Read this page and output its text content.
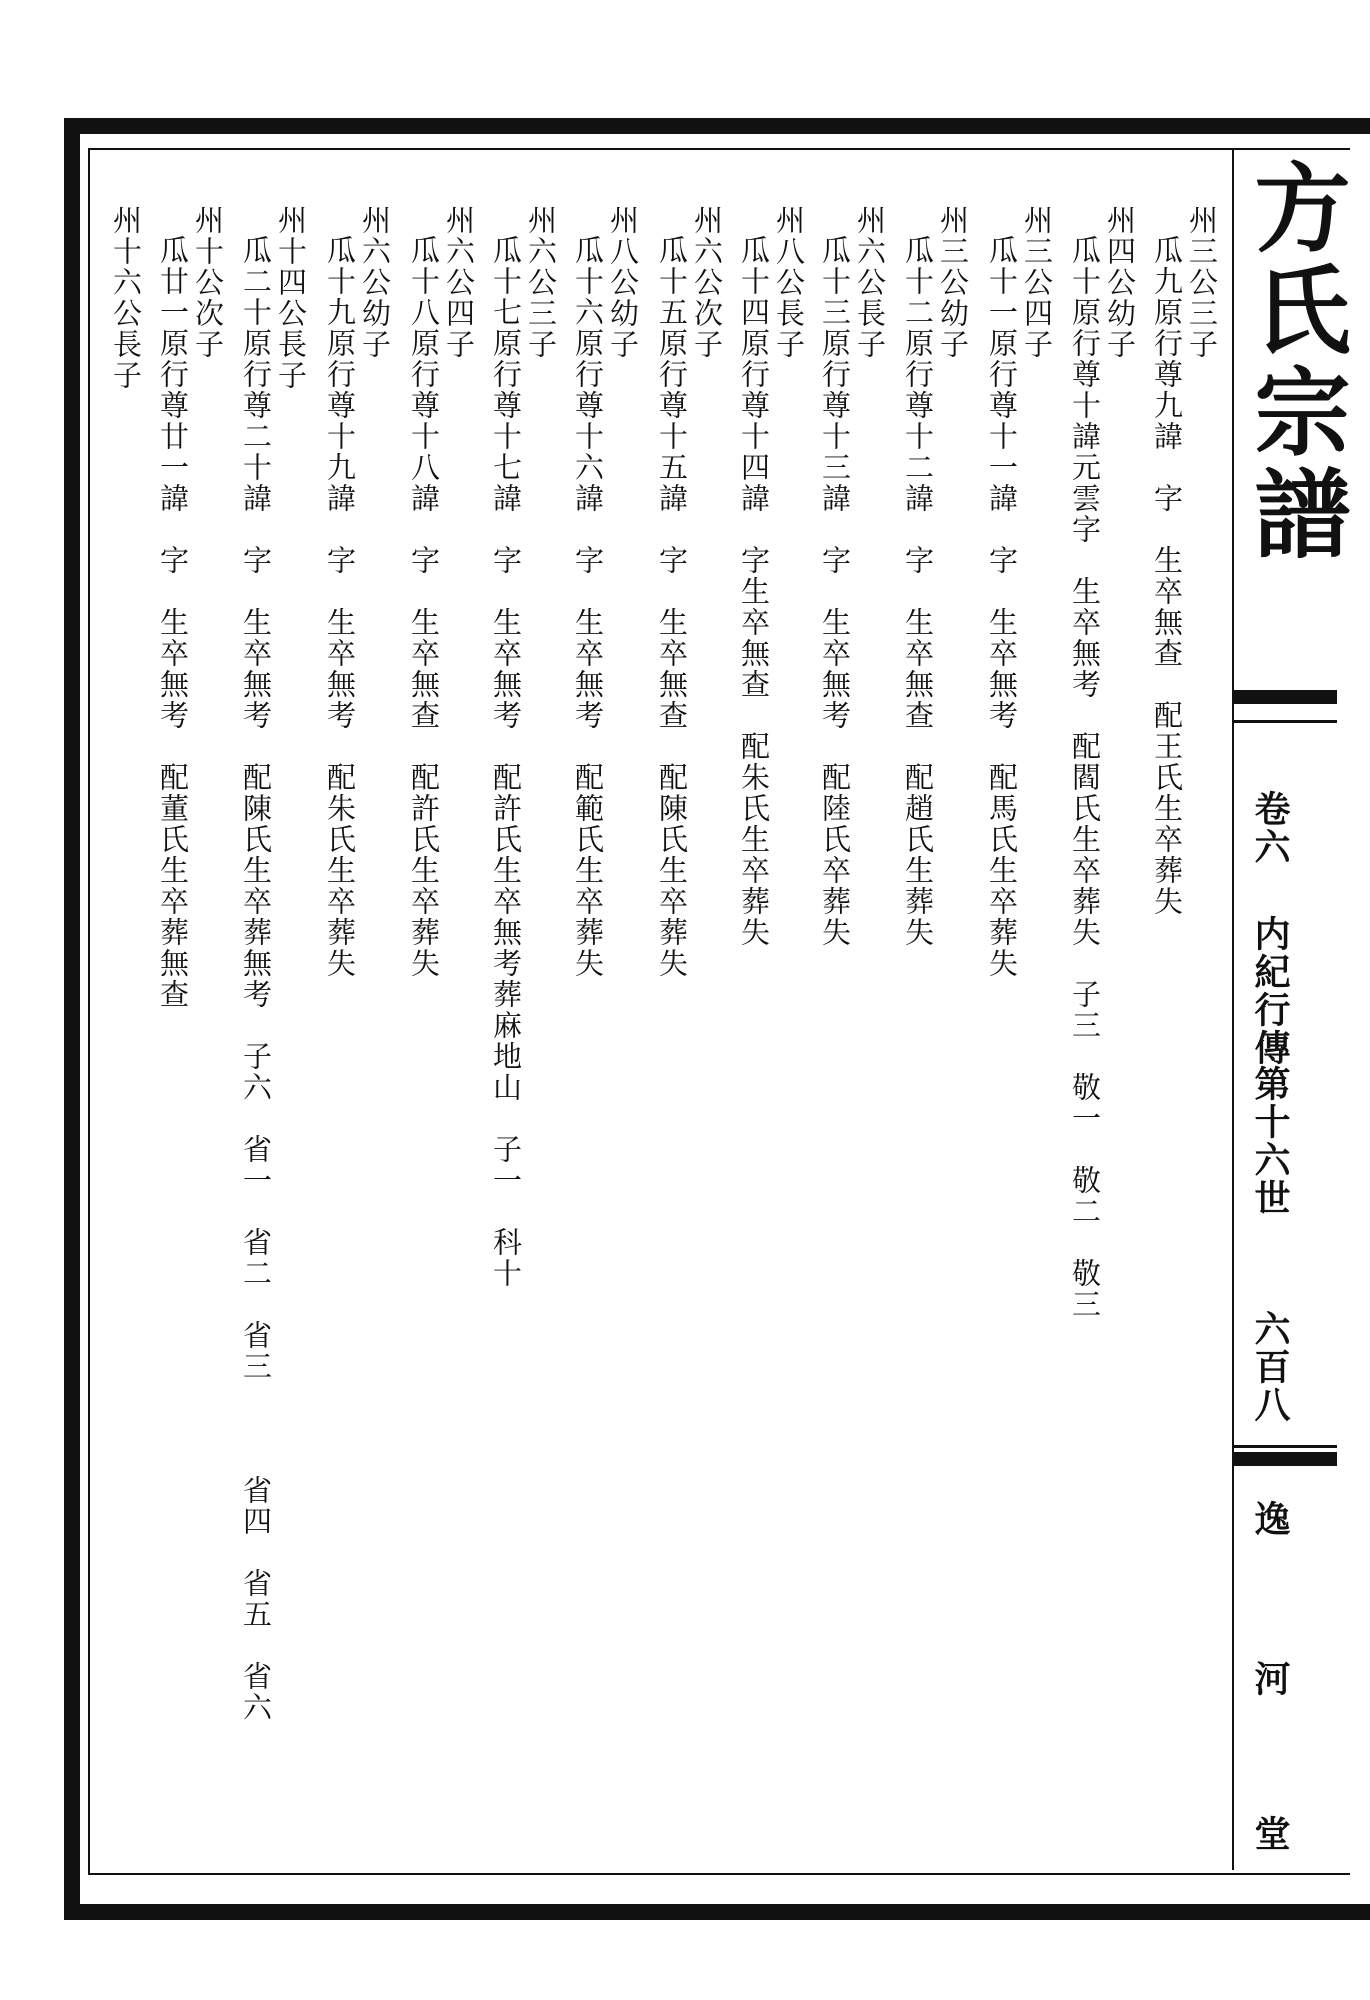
方氏宗譜
卷六
内紀行傳
第十六世
六百八
逸
河
堂
州三公三子
瓜九原行尊九諱　字　生卒無查　配王氏生卒葬失
州四公幼子
瓜十原行尊十諱元雲字　生卒無考　配閻氏生卒葬失　子三　敬一　敬二　敬三
州三公四子
瓜十一原行尊十一諱　字　生卒無考　配馬氏生卒葬失
州三公幼子
瓜十二原行尊十二諱　字　生卒無查　配趙氏生葬失
州六公長子
瓜十三原行尊十三諱　字　生卒無考　配陸氏卒葬失
州八公長子
瓜十四原行尊十四諱　字生卒無查　配朱氏生卒葬失
州六公次子
瓜十五原行尊十五諱　字　生卒無查　配陳氏生卒葬失
州八公幼子
瓜十六原行尊十六諱　字　生卒無考　配範氏生卒葬失
州六公三子
瓜十七原行尊十七諱　字　生卒無考　配許氏生卒無考葬麻地山　子一　科十
州六公四子
瓜十八原行尊十八諱　字　生卒無查　配許氏生卒葬失
州六公幼子
瓜十九原行尊十九諱　字　生卒無考　配朱氏生卒葬失
州十四公長子
瓜二十原行尊二十諱　字　生卒無考　配陳氏生卒葬無考　子六　省一　省二　省三
省四　省五　省六
州十公次子
瓜廿一原行尊廿一諱　字　生卒無考　配董氏生卒葬無查
州十六公長子
